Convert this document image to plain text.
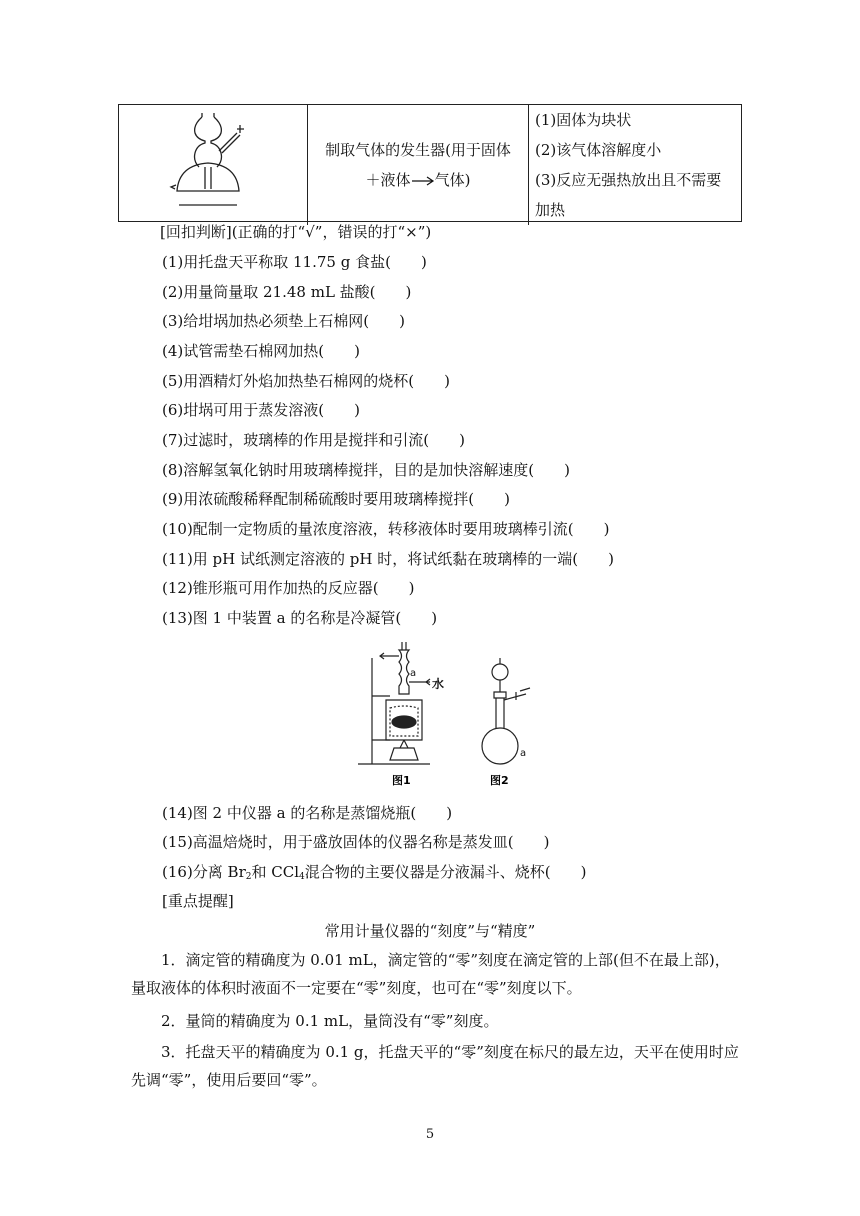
制取气体的发生器(用于固体
＋液体→气体)
(1)固体为块状
(2)该气体溶解度小
(3)反应无强热放出且不需要
加热
[回扣判断](正确的打“√”，错误的打“×”)
(1)用托盘天平称取 11.75 g 食盐(　　)
(2)用量筒量取 21.48 mL 盐酸(　　)
(3)给坩埚加热必须垫上石棉网(　　)
(4)试管需垫石棉网加热(　　)
(5)用酒精灯外焰加热垫石棉网的烧杯(　　)
(6)坩埚可用于蒸发溶液(　　)
(7)过滤时，玻璃棒的作用是搅拌和引流(　　)
(8)溶解氢氧化钠时用玻璃棒搅拌，目的是加快溶解速度(　　)
(9)用浓硫酸稀释配制稀硫酸时要用玻璃棒搅拌(　　)
(10)配制一定物质的量浓度溶液，转移液体时要用玻璃棒引流(　　)
(11)用 pH 试纸测定溶液的 pH 时，将试纸黏在玻璃棒的一端(　　)
(12)锥形瓶可用作加热的反应器(　　)
(13)图 1 中装置 a 的名称是冷凝管(　　)
水
a
a
图1	图2
(14)图 2 中仪器 a 的名称是蒸馏烧瓶(　　)
(15)高温焙烧时，用于盛放固体的仪器名称是蒸发皿(　　)
(16)分离 $Br_2$和 CCl$_4$混合物的主要仪器是分液漏斗、烧杯(　　)
[重点提醒]
常用计量仪器的“刻度”与“精度”
1．滴定管的精确度为 0.01 mL，滴定管的“零”刻度在滴定管的上部(但不在最上部)，量取液体的体积时液面不一定要在“零”刻度，也可在“零”刻度以下。
2．量筒的精确度为 0.1 mL，量筒没有“零”刻度。
3．托盘天平的精确度为 0.1 g，托盘天平的“零”刻度在标尺的最左边，天平在使用时应先调“零”，使用后要回“零”。
5
